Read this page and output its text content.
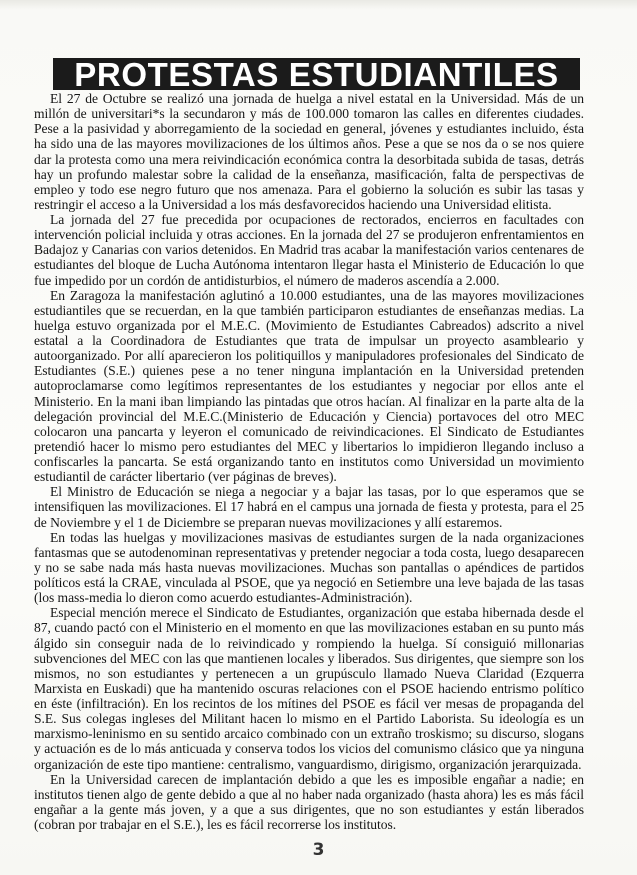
PROTESTAS ESTUDIANTILES

El 27 de Octubre se realizó una jornada de huelga a nivel estatal en la Universidad. Más de un millón de universitari*s la secundaron y más de 100.000 tomaron las calles en diferentes ciudades. Pese a la pasividad y aborregamiento de la sociedad en general, jóvenes y estudiantes incluido, ésta ha sido una de las mayores movilizaciones de los últimos años. Pese a que se nos da o se nos quiere dar la protesta como una mera reivindicación económica contra la desorbitada subida de tasas, detrás hay un profundo malestar sobre la calidad de la enseñanza, masificación, falta de perspectivas de empleo y todo ese negro futuro que nos amenaza. Para el gobierno la solución es subir las tasas y restringir el acceso a la Universidad a los más desfavorecidos haciendo una Universidad elitista.

La jornada del 27 fue precedida por ocupaciones de rectorados, encierros en facultades con intervención policial incluida y otras acciones. En la jornada del 27 se produjeron enfrentamientos en Badajoz y Canarias con varios detenidos. En Madrid tras acabar la manifestación varios centenares de estudiantes del bloque de Lucha Autónoma intentaron llegar hasta el Ministerio de Educación lo que fue impedido por un cordón de antidisturbios, el número de maderos ascendía a 2.000.

En Zaragoza la manifestación aglutinó a 10.000 estudiantes, una de las mayores movilizaciones estudiantiles que se recuerdan, en la que también participaron estudiantes de enseñanzas medias. La huelga estuvo organizada por el M.E.C. (Movimiento de Estudiantes Cabreados) adscrito a nivel estatal a la Coordinadora de Estudiantes que trata de impulsar un proyecto asambleario y autoorganizado. Por allí aparecieron los politiquillos y manipuladores profesionales del Sindicato de Estudiantes (S.E.) quienes pese a no tener ninguna implantación en la Universidad pretenden autoproclamarse como legítimos representantes de los estudiantes y negociar por ellos ante el Ministerio. En la mani iban limpiando las pintadas que otros hacían. Al finalizar en la parte alta de la delegación provincial del M.E.C.(Ministerio de Educación y Ciencia) portavoces del otro MEC colocaron una pancarta y leyeron el comunicado de reivindicaciones. El Sindicato de Estudiantes pretendió hacer lo mismo pero estudiantes del MEC y libertarios lo impidieron llegando incluso a confiscarles la pancarta. Se está organizando tanto en institutos como Universidad un movimiento estudiantil de carácter libertario (ver páginas de breves).

El Ministro de Educación se niega a negociar y a bajar las tasas, por lo que esperamos que se intensifiquen las movilizaciones. El 17 habrá en el campus una jornada de fiesta y protesta, para el 25 de Noviembre y el 1 de Diciembre se preparan nuevas movilizaciones y allí estaremos.

En todas las huelgas y movilizaciones masivas de estudiantes surgen de la nada organizaciones fantasmas que se autodenominan representativas y pretender negociar a toda costa, luego desaparecen y no se sabe nada más hasta nuevas movilizaciones. Muchas son pantallas o apéndices de partidos políticos está la CRAE, vinculada al PSOE, que ya negoció en Setiembre una leve bajada de las tasas (los mass-media lo dieron como acuerdo estudiantes-Administración).

Especial mención merece el Sindicato de Estudiantes, organización que estaba hibernada desde el 87, cuando pactó con el Ministerio en el momento en que las movilizaciones estaban en su punto más álgido sin conseguir nada de lo reivindicado y rompiendo la huelga. Sí consiguió millonarias subvenciones del MEC con las que mantienen locales y liberados. Sus dirigentes, que siempre son los mismos, no son estudiantes y pertenecen a un grupúsculo llamado Nueva Claridad (Ezquerra Marxista en Euskadi) que ha mantenido oscuras relaciones con el PSOE haciendo entrismo político en éste (infiltración). En los recintos de los mítines del PSOE es fácil ver mesas de propaganda del S.E. Sus colegas ingleses del Militant hacen lo mismo en el Partido Laborista. Su ideología es un marxismo-leninismo en su sentido arcaico combinado con un extraño troskismo; su discurso, slogans y actuación es de lo más anticuada y conserva todos los vicios del comunismo clásico que ya ninguna organización de este tipo mantiene: centralismo, vanguardismo, dirigismo, organización jerarquizada.

En la Universidad carecen de implantación debido a que les es imposible engañar a nadie; en institutos tienen algo de gente debido a que al no haber nada organizado (hasta ahora) les es más fácil engañar a la gente más joven, y a que a sus dirigentes, que no son estudiantes y están liberados (cobran por trabajar en el S.E.), les es fácil recorrerse los institutos.

3
